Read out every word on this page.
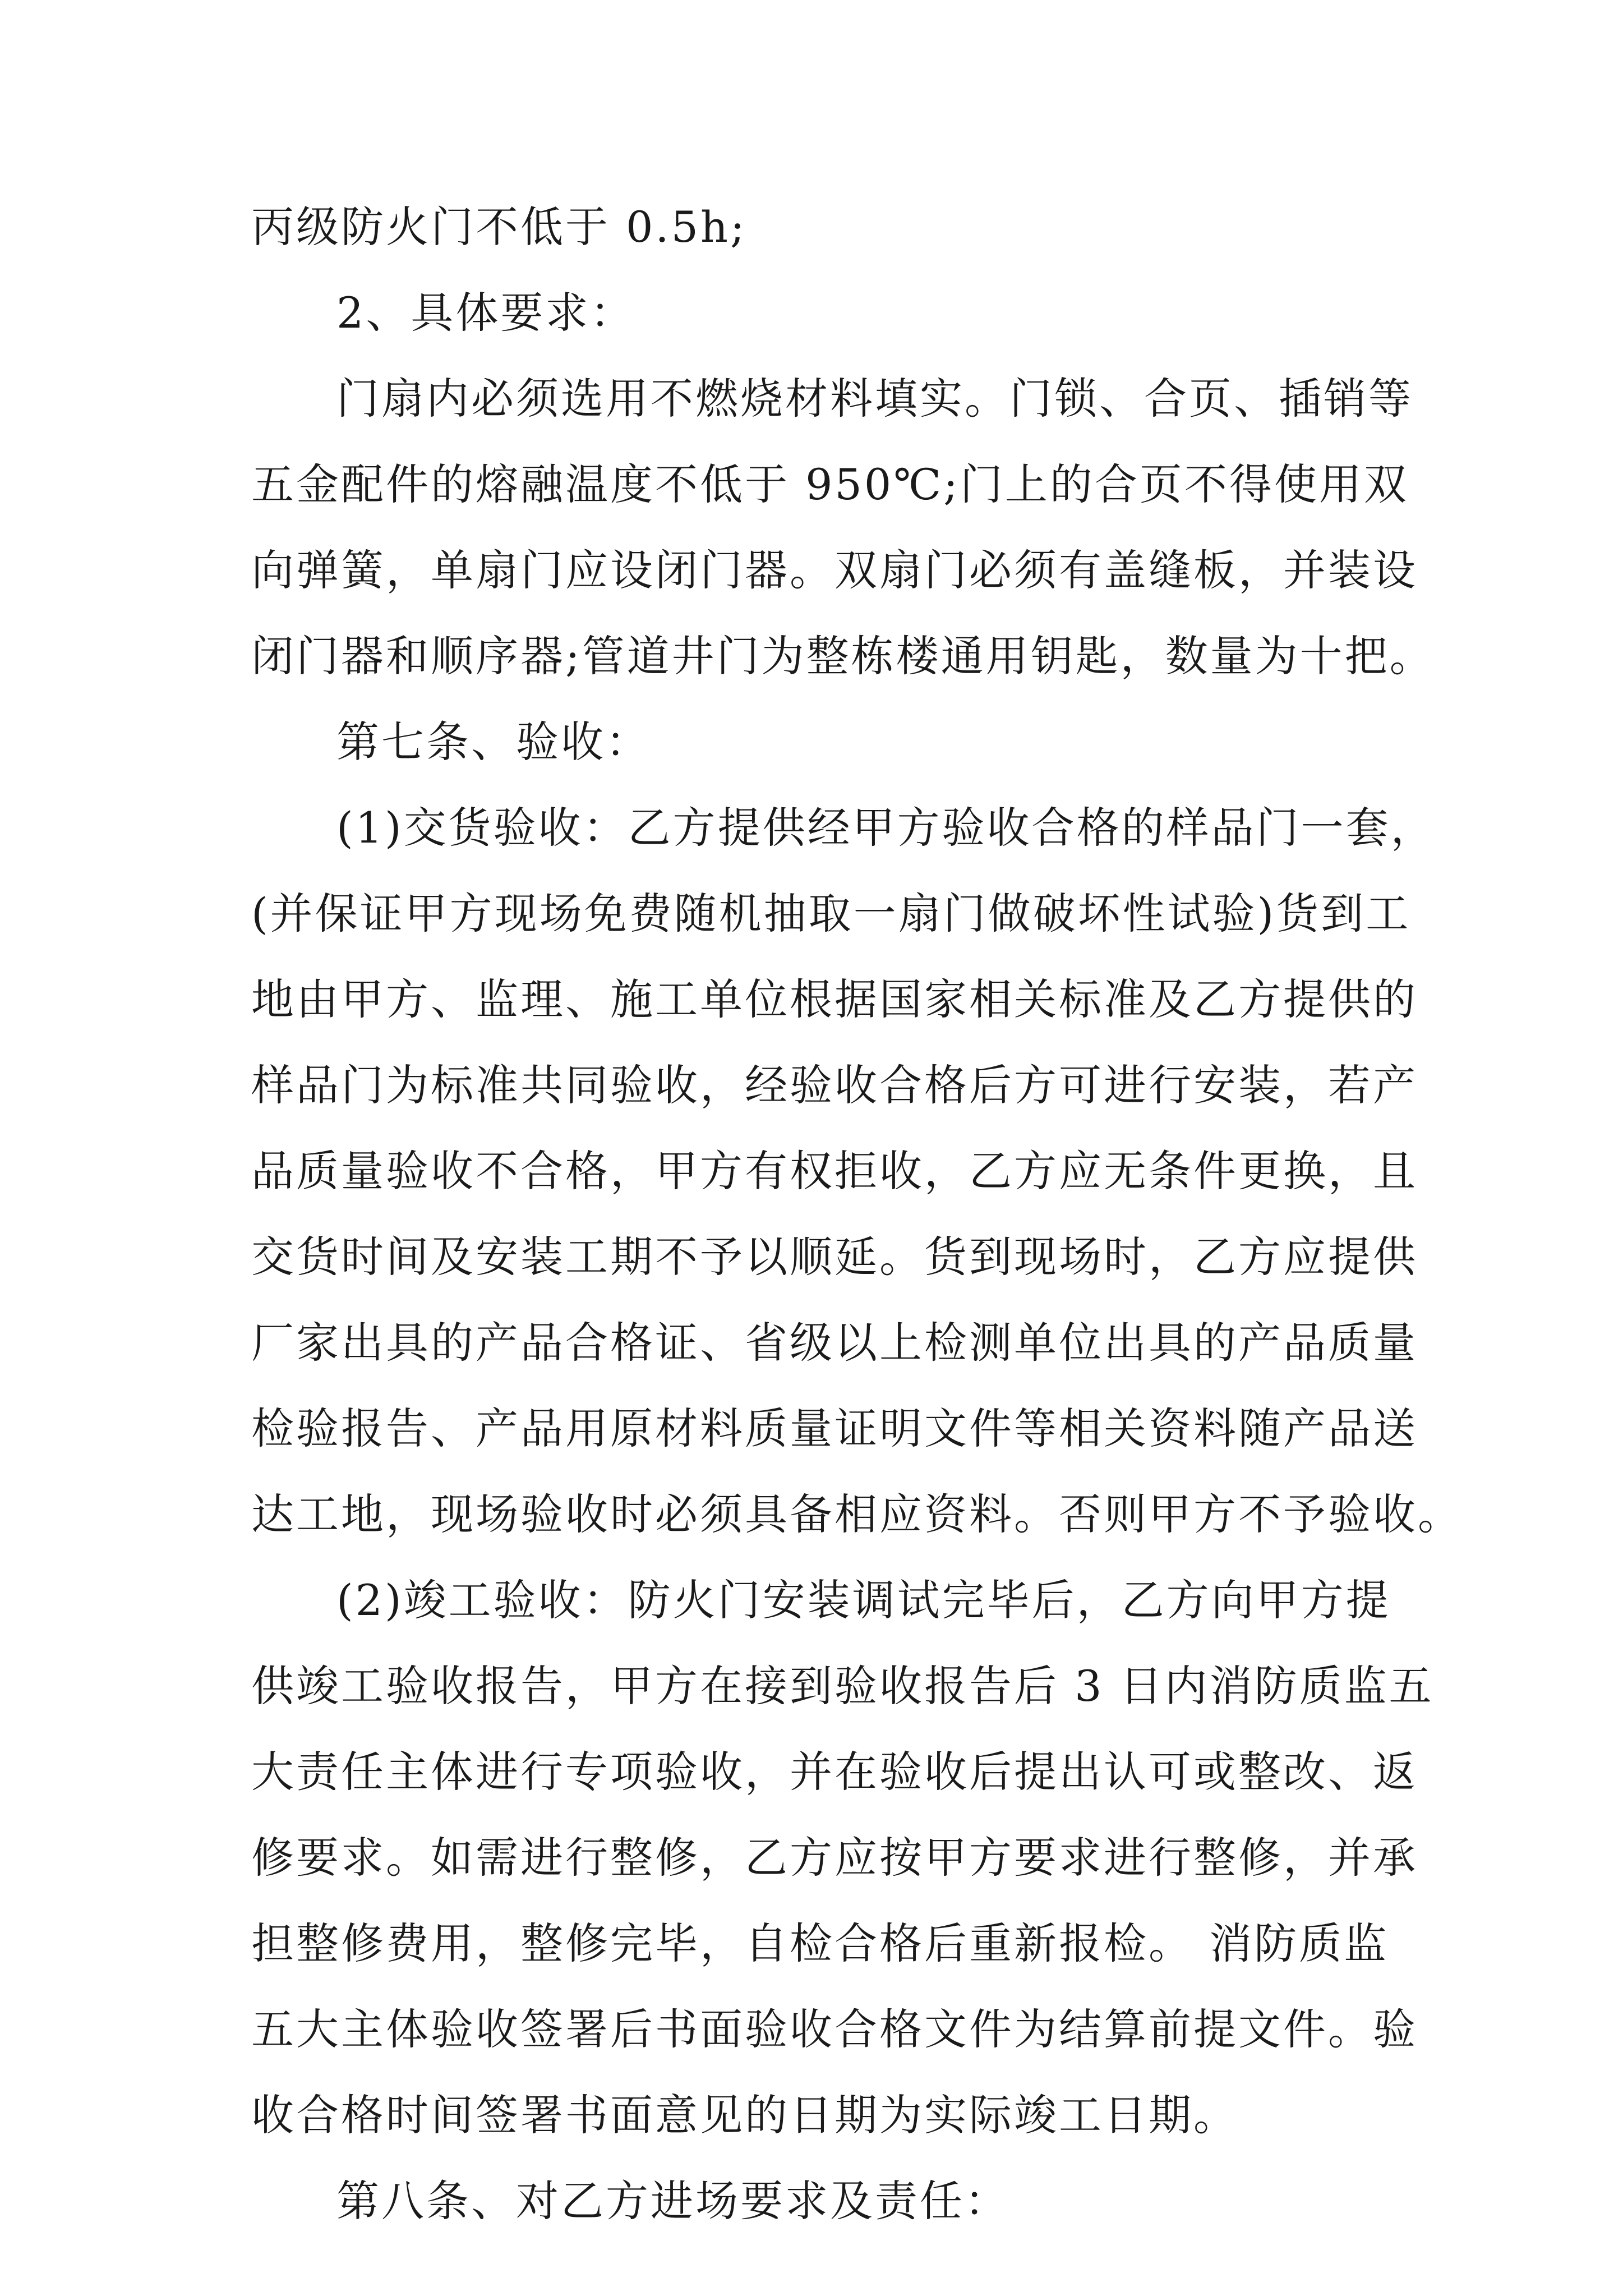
丙级防火门不低于 0.5h;
2、具体要求：
门扇内必须选用不燃烧材料填实。门锁、合页、插销等
五金配件的熔融温度不低于 950℃;门上的合页不得使用双
向弹簧，单扇门应设闭门器。双扇门必须有盖缝板，并装设
闭门器和顺序器;管道井门为整栋楼通用钥匙，数量为十把。
第七条、验收：
(1)交货验收：乙方提供经甲方验收合格的样品门一套，
(并保证甲方现场免费随机抽取一扇门做破坏性试验)货到工
地由甲方、监理、施工单位根据国家相关标准及乙方提供的
样品门为标准共同验收，经验收合格后方可进行安装，若产
品质量验收不合格，甲方有权拒收，乙方应无条件更换，且
交货时间及安装工期不予以顺延。货到现场时，乙方应提供
厂家出具的产品合格证、省级以上检测单位出具的产品质量
检验报告、产品用原材料质量证明文件等相关资料随产品送
达工地，现场验收时必须具备相应资料。否则甲方不予验收。
(2)竣工验收：防火门安装调试完毕后，乙方向甲方提
供竣工验收报告，甲方在接到验收报告后 3 日内消防质监五
大责任主体进行专项验收，并在验收后提出认可或整改、返
修要求。如需进行整修，乙方应按甲方要求进行整修，并承
担整修费用，整修完毕，自检合格后重新报检。 消防质监
五大主体验收签署后书面验收合格文件为结算前提文件。验
收合格时间签署书面意见的日期为实际竣工日期。
第八条、对乙方进场要求及责任：
